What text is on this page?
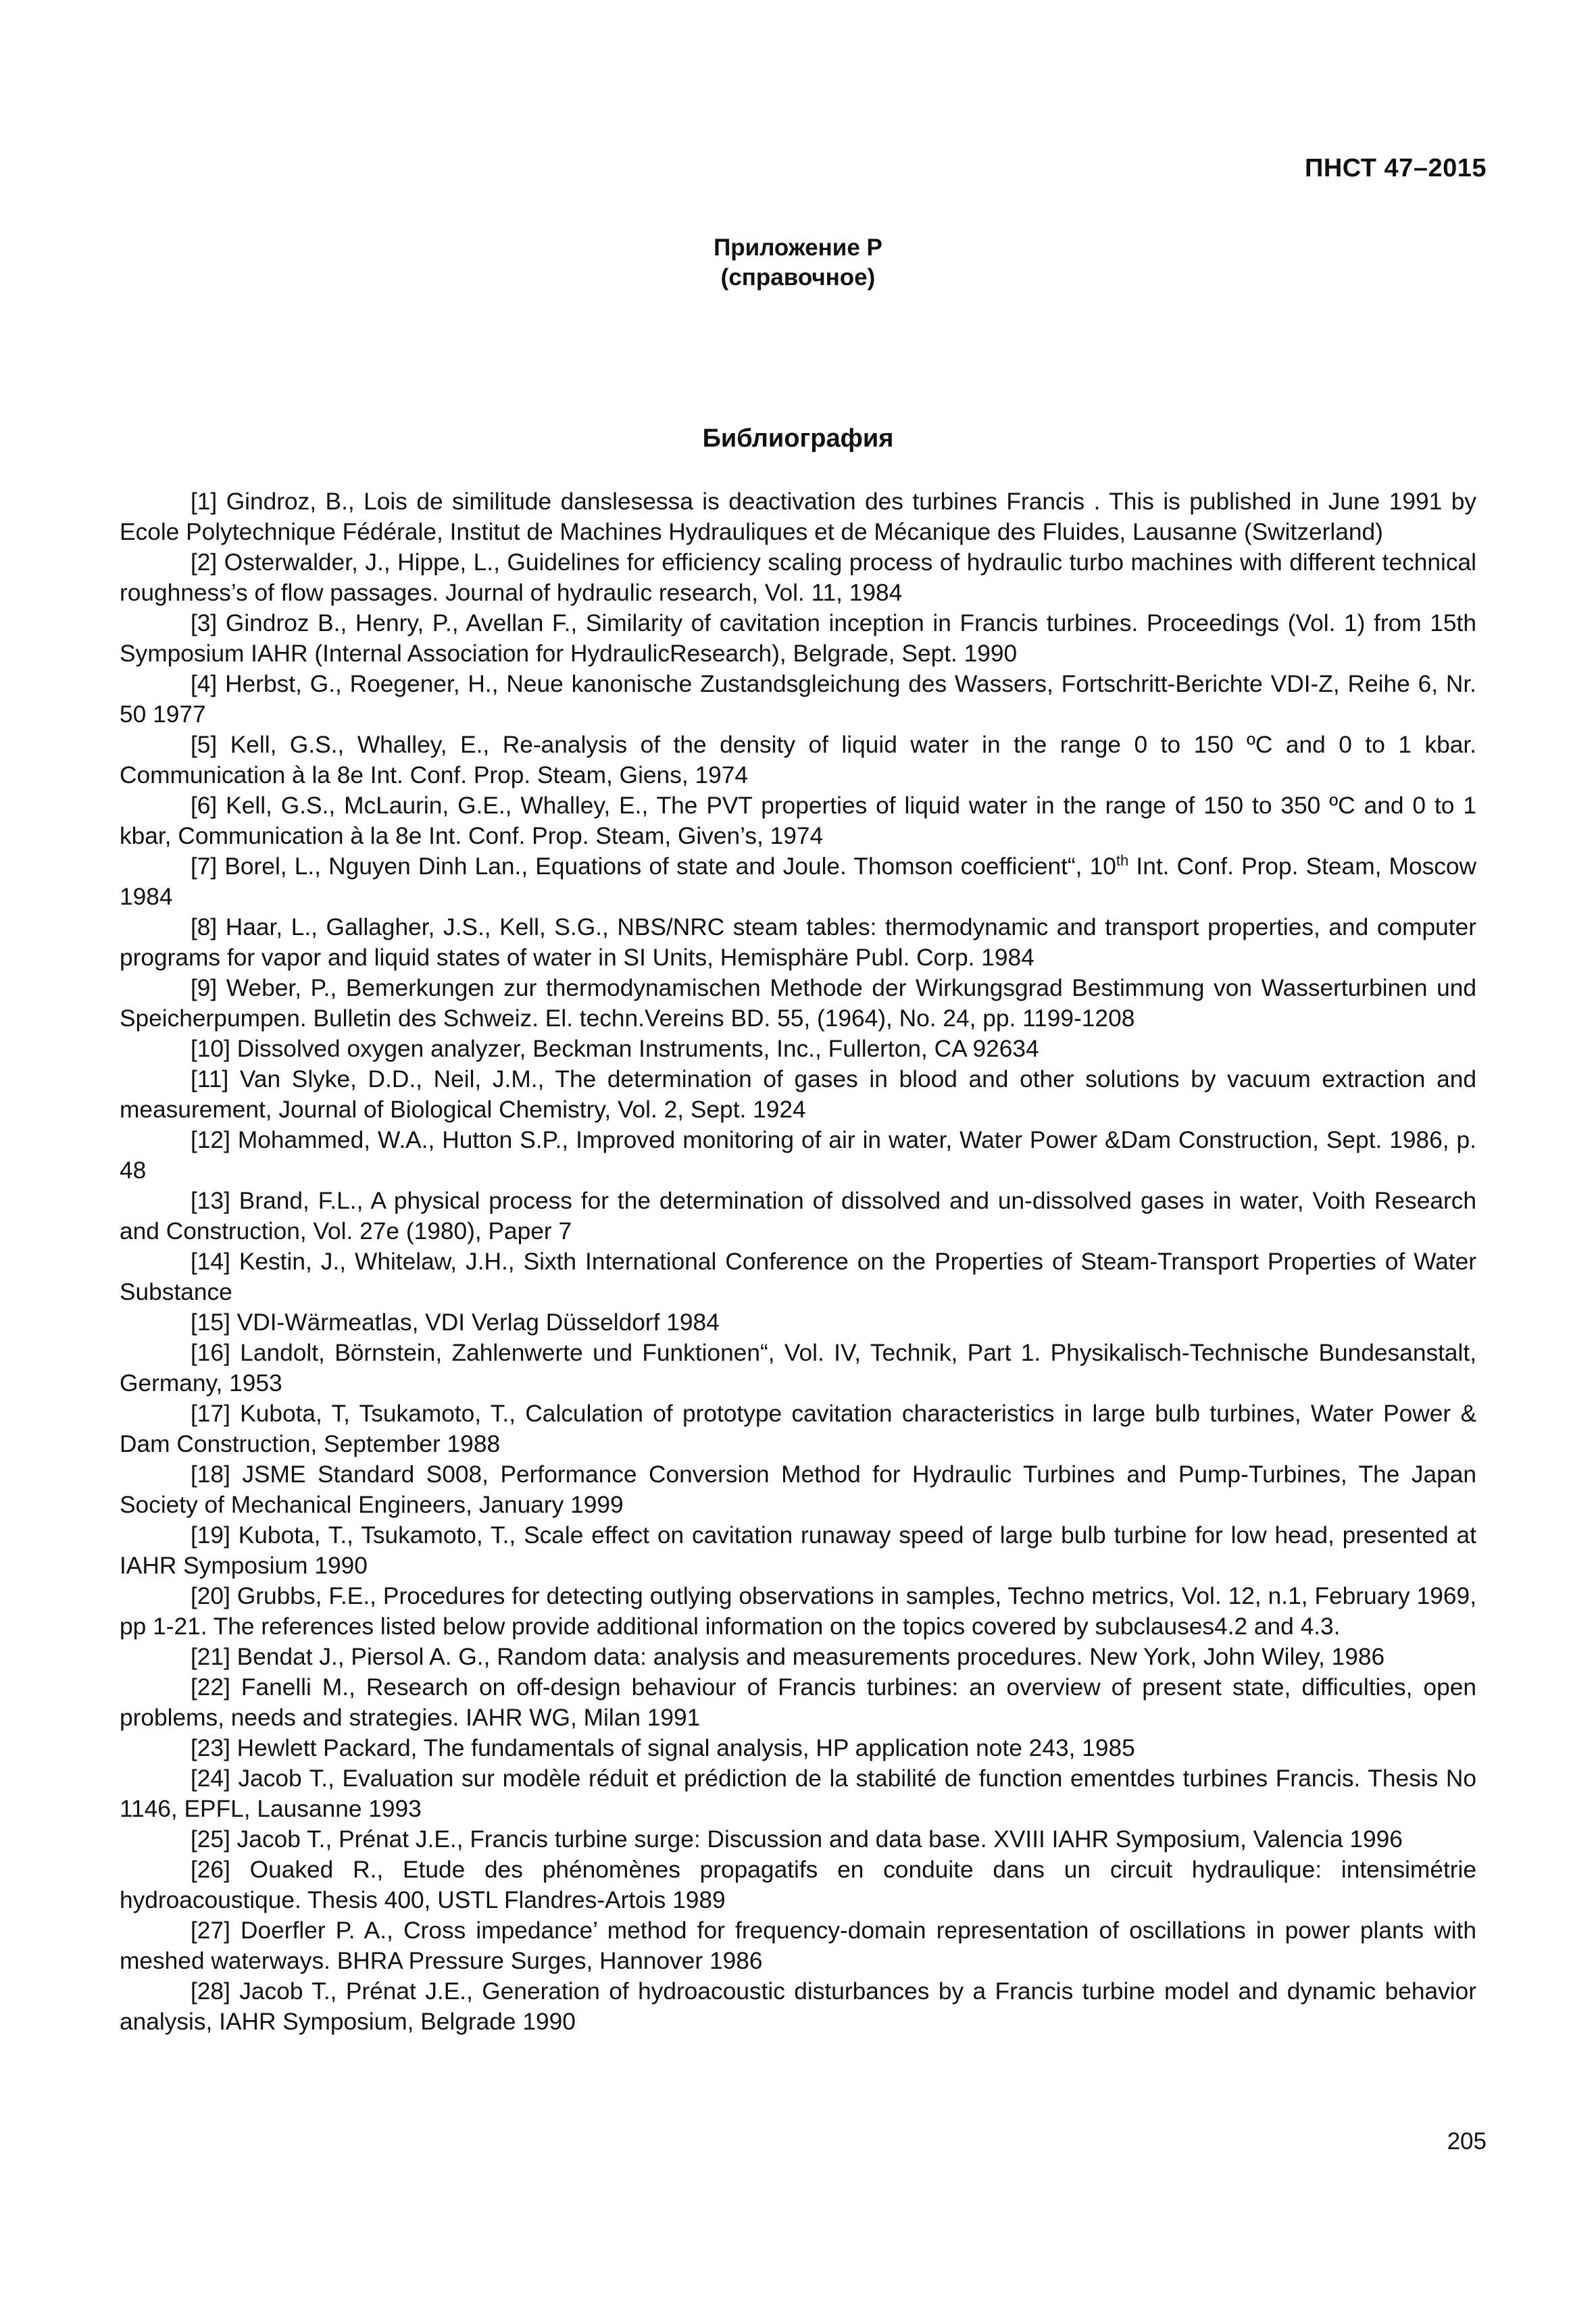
ПНСТ 47–2015
Приложение Р
(справочное)
Библиография

[1] Gindroz, B., Lois de similitude danslesessa is deactivation des turbines Francis . This is published in June 1991 by Ecole Polytechnique Fédérale, Institut de Machines Hydrauliques et de Mécanique des Fluides, Lausanne (Switzerland)

[2] Osterwalder, J., Hippe, L., Guidelines for efficiency scaling process of hydraulic turbo machines with different technical roughness’s of flow passages. Journal of hydraulic research, Vol. 11, 1984

[3] Gindroz B., Henry, P., Avellan F., Similarity of cavitation inception in Francis turbines. Proceedings (Vol. 1) from 15th Symposium IAHR (Internal Association for HydraulicResearch), Belgrade, Sept. 1990

[4] Herbst, G., Roegener, H., Neue kanonische Zustandsgleichung des Wassers, Fortschritt-Berichte VDI-Z, Reihe 6, Nr. 50 1977

[5] Kell, G.S., Whalley, E., Re-analysis of the density of liquid water in the range 0 to 150 ºC and 0 to 1 kbar. Communication à la 8e Int. Conf. Prop. Steam, Giens, 1974

[6] Kell, G.S., McLaurin, G.E., Whalley, E., The PVT properties of liquid water in the range of 150 to 350 ºC and 0 to 1 kbar, Communication à la 8e Int. Conf. Prop. Steam, Given’s, 1974

[7] Borel, L., Nguyen Dinh Lan., Equations of state and Joule. Thomson coefficient“, 10th Int. Conf. Prop. Steam, Moscow 1984

[8] Haar, L., Gallagher, J.S., Kell, S.G., NBS/NRC steam tables: thermodynamic and transport properties, and computer programs for vapor and liquid states of water in SI Units, Hemisphäre Publ. Corp. 1984

[9] Weber, P., Bemerkungen zur thermodynamischen Methode der Wirkungsgrad Bestimmung von Wasserturbinen und Speicherpumpen. Bulletin des Schweiz. El. techn.Vereins BD. 55, (1964), No. 24, pp. 1199-1208

[10] Dissolved oxygen analyzer, Beckman Instruments, Inc., Fullerton, CA 92634

[11] Van Slyke, D.D., Neil, J.M., The determination of gases in blood and other solutions by vacuum extraction and measurement, Journal of Biological Chemistry, Vol. 2, Sept. 1924

[12] Mohammed, W.A., Hutton S.P., Improved monitoring of air in water, Water Power &Dam Construction, Sept. 1986, p. 48

[13] Brand, F.L., A physical process for the determination of dissolved and un-dissolved gases in water, Voith Research and Construction, Vol. 27e (1980), Paper 7

[14] Kestin, J., Whitelaw, J.H., Sixth International Conference on the Properties of Steam-Transport Properties of Water Substance

[15] VDI-Wärmeatlas, VDI Verlag Düsseldorf 1984

[16] Landolt, Börnstein, Zahlenwerte und Funktionen“, Vol. IV, Technik, Part 1. Physikalisch-Technische Bundesanstalt, Germany, 1953

[17] Kubota, T, Tsukamoto, T., Calculation of prototype cavitation characteristics in large bulb turbines, Water Power & Dam Construction, September 1988

[18] JSME Standard S008, Performance Conversion Method for Hydraulic Turbines and Pump-Turbines, The Japan Society of Mechanical Engineers, January 1999

[19] Kubota, T., Tsukamoto, T., Scale effect on cavitation runaway speed of large bulb turbine for low head, presented at IAHR Symposium 1990

[20] Grubbs, F.E., Procedures for detecting outlying observations in samples, Techno metrics, Vol. 12, n.1, February 1969, pp 1-21. The references listed below provide additional information on the topics covered by subclauses4.2 and 4.3.

[21] Bendat J., Piersol A. G., Random data: analysis and measurements procedures. New York, John Wiley, 1986

[22] Fanelli M., Research on off-design behaviour of Francis turbines: an overview of present state, difficulties, open problems, needs and strategies. IAHR WG, Milan 1991

[23] Hewlett Packard, The fundamentals of signal analysis, HP application note 243, 1985

[24] Jacob T., Evaluation sur modèle réduit et prédiction de la stabilité de function ementdes turbines Francis. Thesis No 1146, EPFL, Lausanne 1993

[25] Jacob T., Prénat J.E., Francis turbine surge: Discussion and data base. XVIII IAHR Symposium, Valencia 1996

[26] Ouaked R., Etude des phénomènes propagatifs en conduite dans un circuit hydraulique: intensimétrie hydroacoustique. Thesis 400, USTL Flandres-Artois 1989

[27] Doerfler P. A., Cross impedance’ method for frequency-domain representation of oscillations in power plants with meshed waterways. BHRA Pressure Surges, Hannover 1986

[28] Jacob T., Prénat J.E., Generation of hydroacoustic disturbances by a Francis turbine model and dynamic behavior analysis, IAHR Symposium, Belgrade 1990

205
